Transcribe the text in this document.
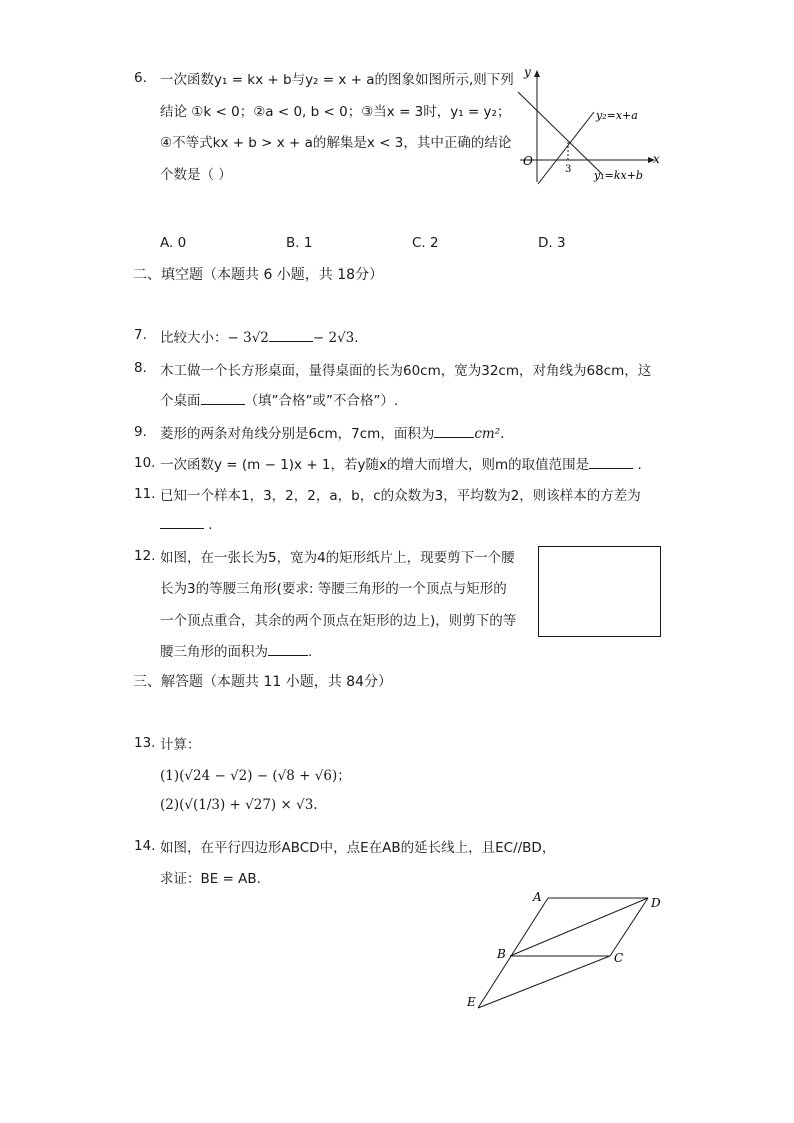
6. 一次函数y₁ = kx + b与y₂ = x + a的图象如图所示,则下列
结论 ①k < 0；②a < 0, b < 0；③当x = 3时，y₁ = y₂；
④不等式kx + b > x + a的解集是x < 3，其中正确的结论
个数是（ ）
y
x
O
3
y₂=x+a
y₁=kx+b
A. 0	B. 1	C. 2	D. 3
二、填空题（本题共 6 小题，共 18分）
7. 比较大小：− 3√2	− 2√3.
8. 木工做一个长方形桌面，量得桌面的长为60cm，宽为32cm，对角线为68cm，这
个桌面	（填”合格”或”不合格”）.
9. 菱形的两条对角线分别是6cm，7cm，面积为	cm².
10. 一次函数y = (m − 1)x + 1，若y随x的增大而增大，则m的取值范围是	.
11. 已知一个样本1，3，2，2，a，b，c的众数为3，平均数为2，则该样本的方差为
.
12. 如图，在一张长为5，宽为4的矩形纸片上，现要剪下一个腰
长为3的等腰三角形(要求: 等腰三角形的一个顶点与矩形的
一个顶点重合，其余的两个顶点在矩形的边上)，则剪下的等
腰三角形的面积为	.
三、解答题（本题共 11 小题，共 84分）
13. 计算：
(1)(√24 − √2) − (√8 + √6)；
(2)(√(1/3) + √27) × √3.
14. 如图，在平行四边形ABCD中，点E在AB的延长线上，且EC//BD，
求证：BE = AB.
A	D
B	C
E
